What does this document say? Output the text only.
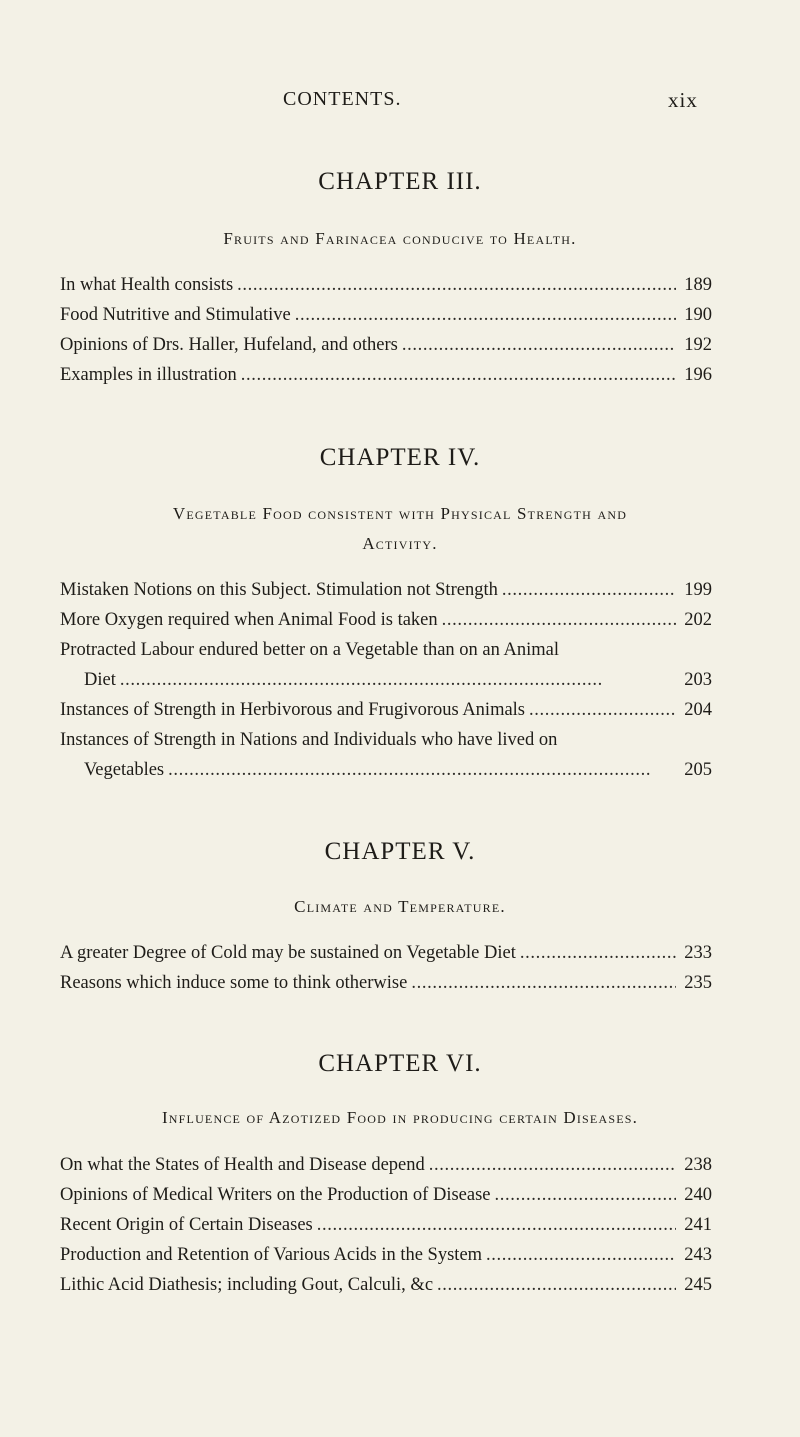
CONTENTS.	xix
CHAPTER III.
Fruits and Farinacea conducive to Health.
In what Health consists . . .	189
Food Nutritive and Stimulative . . .	190
Opinions of Drs. Haller, Hufeland, and others . . .	192
Examples in illustration . . .	196
CHAPTER IV.
Vegetable Food consistent with Physical Strength and
Activity.
Mistaken Notions on this Subject. Stimulation not Strength . . .	199
More Oxygen required when Animal Food is taken . . .	202
Protracted Labour endured better on a Vegetable than on an Animal
Diet . . .	203
Instances of Strength in Herbivorous and Frugivorous Animals . . .	204
Instances of Strength in Nations and Individuals who have lived on
Vegetables . . .	205
CHAPTER V.
Climate and Temperature.
A greater Degree of Cold may be sustained on Vegetable Diet . . .	233
Reasons which induce some to think otherwise . . .	235
CHAPTER VI.
Influence of Azotized Food in producing certain Diseases.
On what the States of Health and Disease depend . . .	238
Opinions of Medical Writers on the Production of Disease . . .	240
Recent Origin of Certain Diseases . . .	241
Production and Retention of Various Acids in the System . . .	243
Lithic Acid Diathesis; including Gout, Calculi, &c . . .	245
